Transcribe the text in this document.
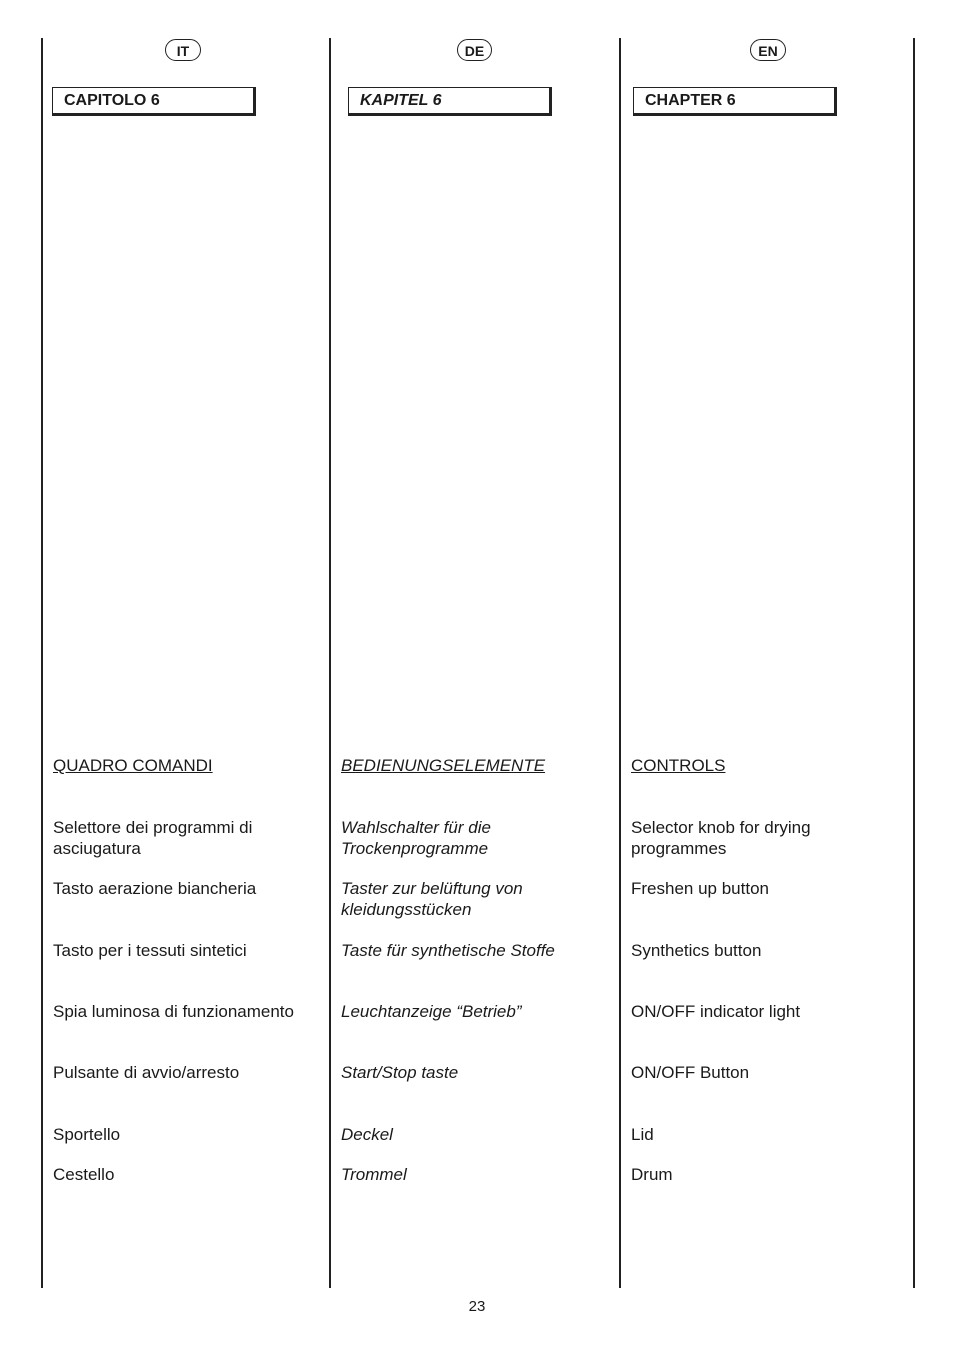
IT
CAPITOLO 6
QUADRO COMANDI
Selettore dei programmi di asciugatura
Tasto aerazione biancheria
Tasto per i tessuti sintetici
Spia luminosa di funzionamento
Pulsante di avvio/arresto
Sportello
Cestello
DE
KAPITEL 6
BEDIENUNGSELEMENTE
Wahlschalter für die Trockenprogramme
Taster zur belüftung von kleidungsstücken
Taste für synthetische Stoffe
Leuchtanzeige “Betrieb”
Start/Stop taste
Deckel
Trommel
EN
CHAPTER 6
CONTROLS
Selector knob for drying programmes
Freshen up button
Synthetics button
ON/OFF indicator light
ON/OFF Button
Lid
Drum
23
